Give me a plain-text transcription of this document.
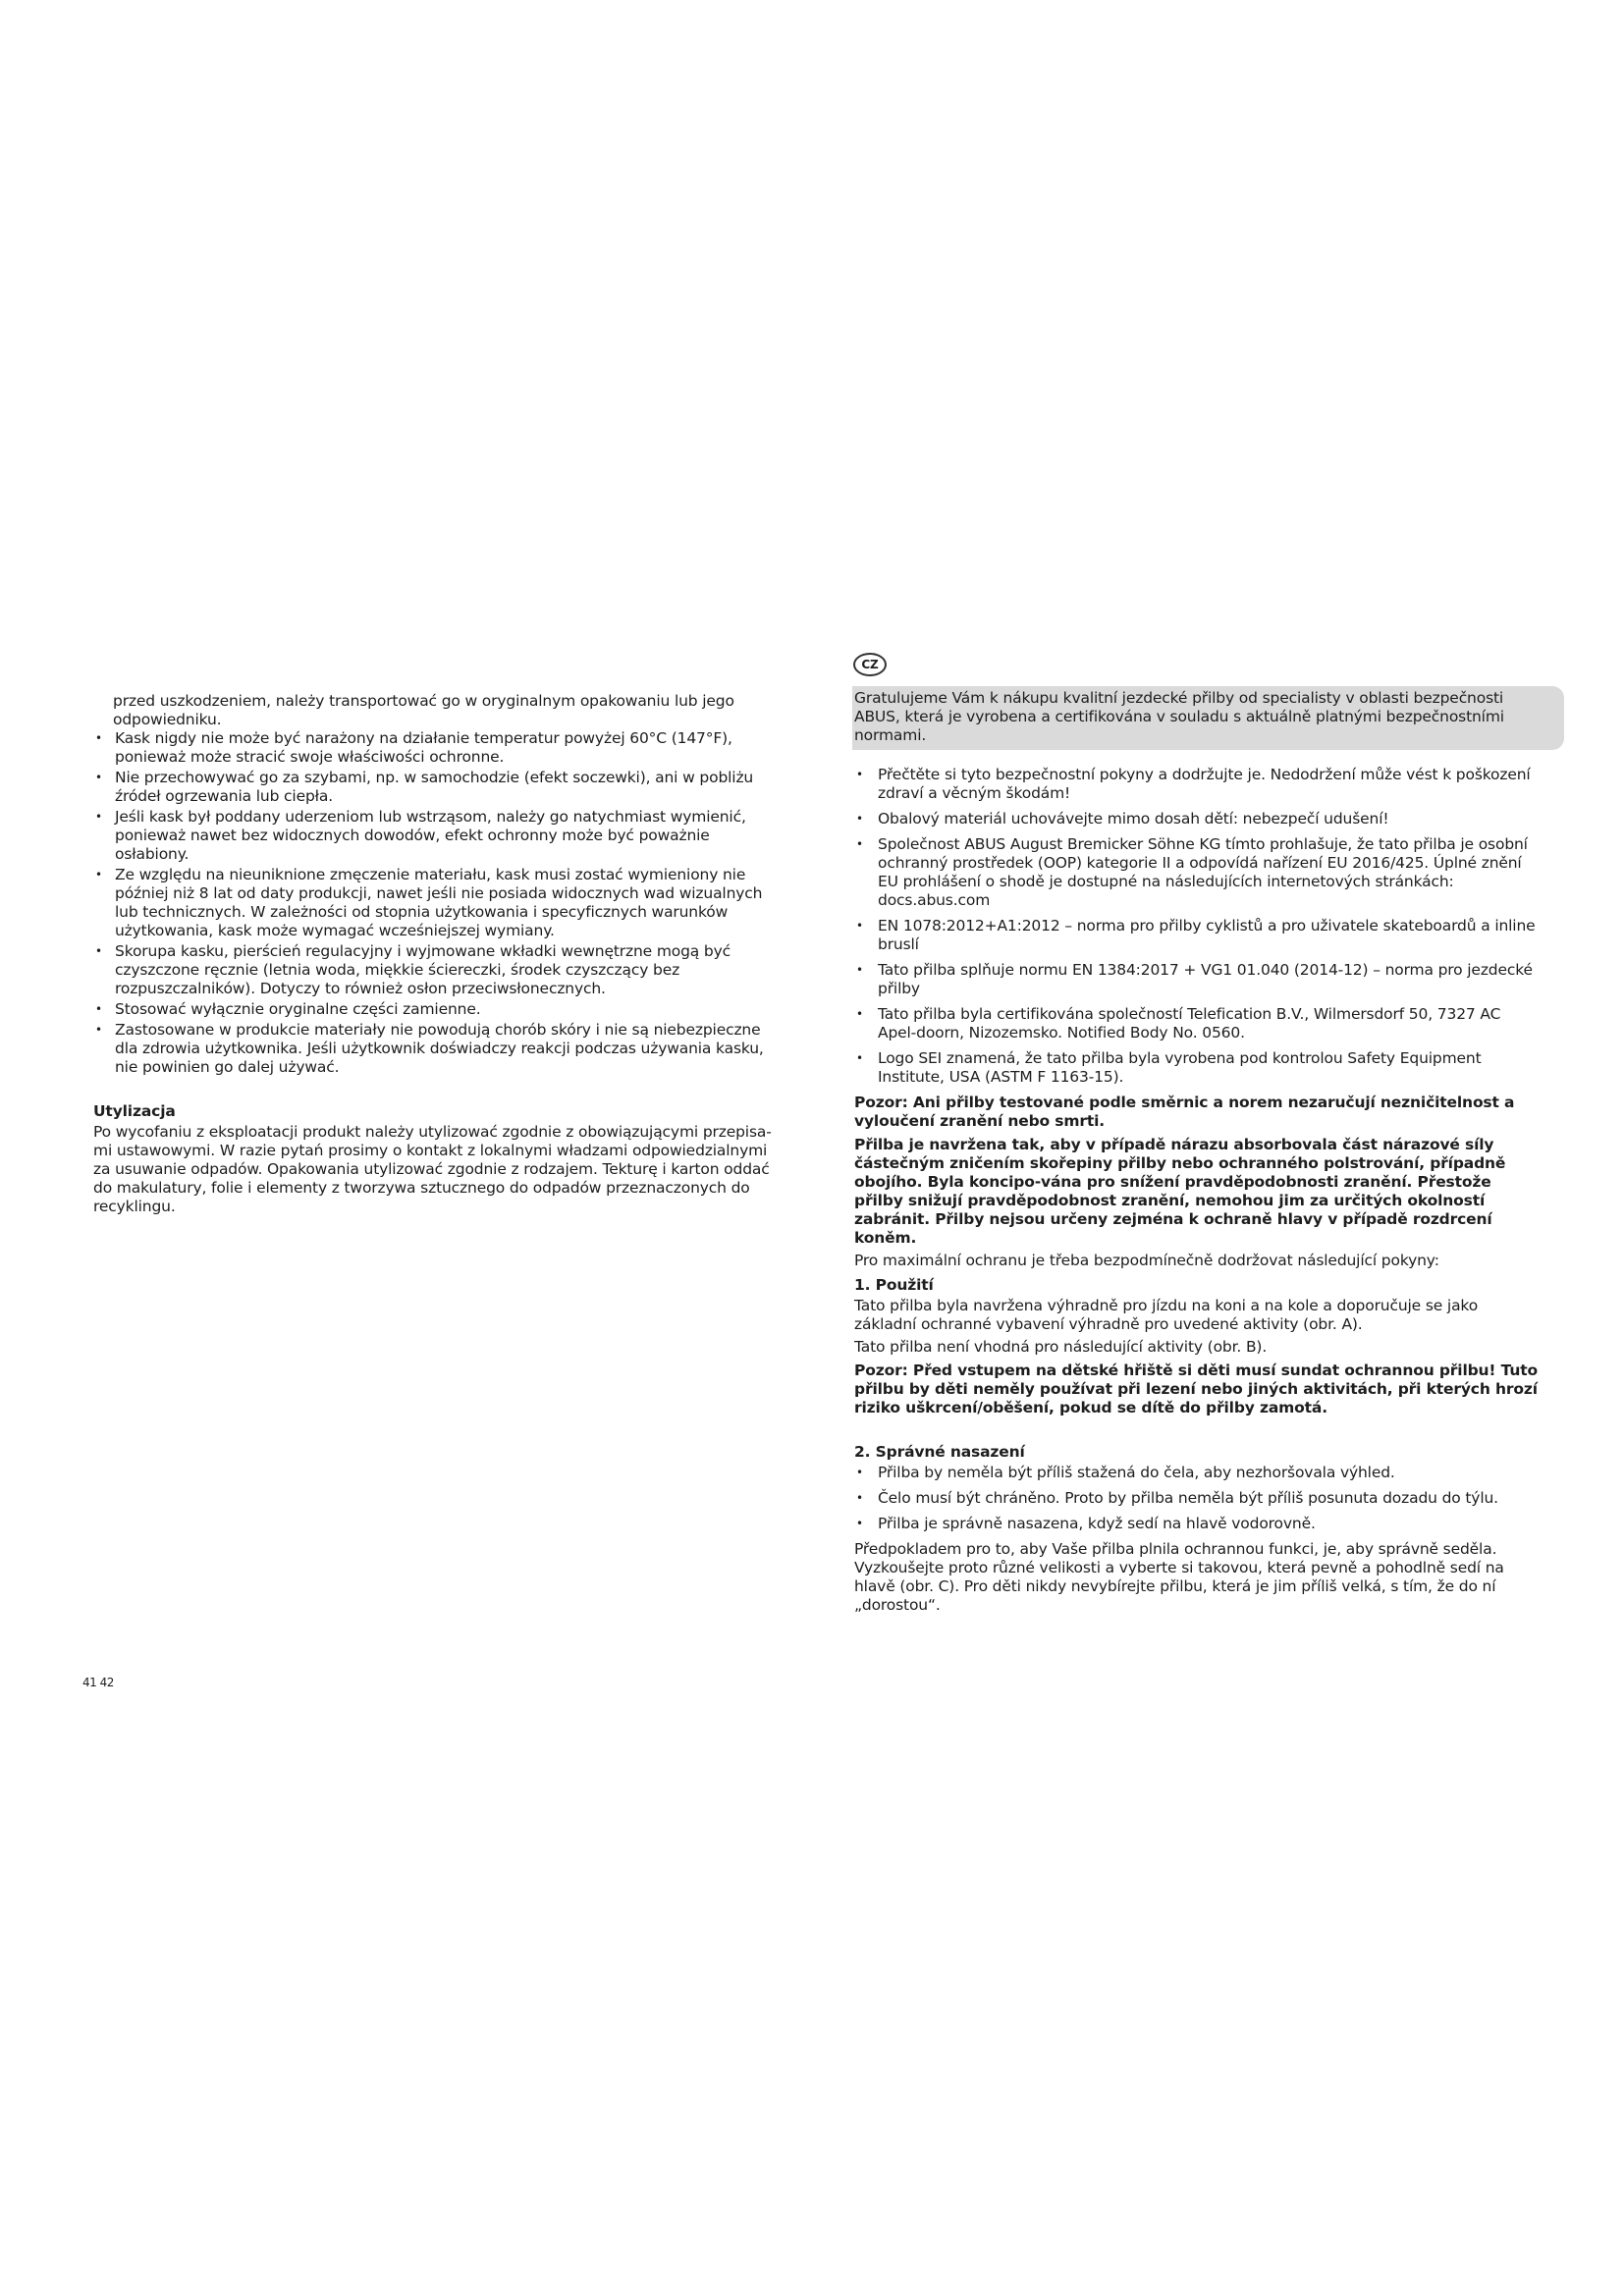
przed uszkodzeniem, należy transportować go w oryginalnym opakowaniu lub jego odpowiedniku.

• Kask nigdy nie może być narażony na działanie temperatur powyżej 60°C (147°F), ponieważ może stracić swoje właściwości ochronne.
• Nie przechowywać go za szybami, np. w samochodzie (efekt soczewki), ani w pobliżu źródeł ogrzewania lub ciepła.
• Jeśli kask był poddany uderzeniom lub wstrząsom, należy go natychmiast wymienić, ponieważ nawet bez widocznych dowodów, efekt ochronny może być poważnie osłabiony.
• Ze względu na nieuniknione zmęczenie materiału, kask musi zostać wymieniony nie później niż 8 lat od daty produkcji, nawet jeśli nie posiada widocznych wad wizualnych lub technicznych. W zależności od stopnia użytkowania i specyficznych warunków użytkowania, kask może wymagać wcześniejszej wymiany.
• Skorupa kasku, pierścień regulacyjny i wyjmowane wkładki wewnętrzne mogą być czyszczone ręcznie (letnia woda, miękkie ściereczki, środek czyszczący bez rozpuszczalników). Dotyczy to również osłon przeciwsłonecznych.
• Stosować wyłącznie oryginalne części zamienne.
• Zastosowane w produkcie materiały nie powodują chorób skóry i nie są niebezpieczne dla zdrowia użytkownika. Jeśli użytkownik doświadczy reakcji podczas używania kasku, nie powinien go dalej używać.
Utylizacja

Po wycofaniu z eksploatacji produkt należy utylizować zgodnie z obowiązującymi przepisa-mi ustawowymi. W razie pytań prosimy o kontakt z lokalnymi władzami odpowiedzialnymi za usuwanie odpadów. Opakowania utylizować zgodnie z rodzajem. Tekturę i karton oddać do makulatury, folie i elementy z tworzywa sztucznego do odpadów przeznaczonych do recyklingu.

CZ
Gratulujeme Vám k nákupu kvalitní jezdecké přilby od specialisty v oblasti bezpečnosti ABUS, která je vyrobena a certifikována v souladu s aktuálně platnými bezpečnostními normami.
• Přečtěte si tyto bezpečnostní pokyny a dodržujte je. Nedodržení může vést k poškození zdraví a věcným škodám!
• Obalový materiál uchovávejte mimo dosah dětí: nebezpečí udušení!
• Společnost ABUS August Bremicker Söhne KG tímto prohlašuje, že tato přilba je osobní ochranný prostředek (OOP) kategorie II a odpovídá nařízení EU 2016/425. Úplné znění EU prohlášení o shodě je dostupné na následujících internetových stránkách: docs.abus.com
• EN 1078:2012+A1:2012 – norma pro přilby cyklistů a pro uživatele skateboardů a inline bruslí
• Tato přilba splňuje normu EN 1384:2017 + VG1 01.040 (2014-12) – norma pro jezdecké přilby
• Tato přilba byla certifikována společností Telefication B.V., Wilmersdorf 50, 7327 AC Apel-doorn, Nizozemsko. Notified Body No. 0560.
• Logo SEI znamená, že tato přilba byla vyrobena pod kontrolou Safety Equipment Institute, USA (ASTM F 1163-15).

Pozor: Ani přilby testované podle směrnic a norem nezaručují nezničitelnost a vyloučení zranění nebo smrti.

Přilba je navržena tak, aby v případě nárazu absorbovala část nárazové síly částečným zničením skořepiny přilby nebo ochranného polstrování, případně obojího. Byla koncipo-vána pro snížení pravděpodobnosti zranění. Přestože přilby snižují pravděpodobnost zranění, nemohou jim za určitých okolností zabránit. Přilby nejsou určeny zejména k ochraně hlavy v případě rozdrcení koněm.

Pro maximální ochranu je třeba bezpodmínečně dodržovat následující pokyny:

1. Použití

Tato přilba byla navržena výhradně pro jízdu na koni a na kole a doporučuje se jako základní ochranné vybavení výhradně pro uvedené aktivity (obr. A).

Tato přilba není vhodná pro následující aktivity (obr. B).

Pozor: Před vstupem na dětské hřiště si děti musí sundat ochrannou přilbu! Tuto přilbu by děti neměly používat při lezení nebo jiných aktivitách, při kterých hrozí riziko uškrcení/oběšení, pokud se dítě do přilby zamotá.

2. Správné nasazení
• Přilba by neměla být příliš stažená do čela, aby nezhoršovala výhled.
• Čelo musí být chráněno. Proto by přilba neměla být příliš posunuta dozadu do týlu.
• Přilba je správně nasazena, když sedí na hlavě vodorovně.

Předpokladem pro to, aby Vaše přilba plnila ochrannou funkci, je, aby správně seděla. Vyzkoušejte proto různé velikosti a vyberte si takovou, která pevně a pohodlně sedí na hlavě (obr. C). Pro děti nikdy nevybírejte přilbu, která je jim příliš velká, s tím, že do ní „dorostou“.

41 42
